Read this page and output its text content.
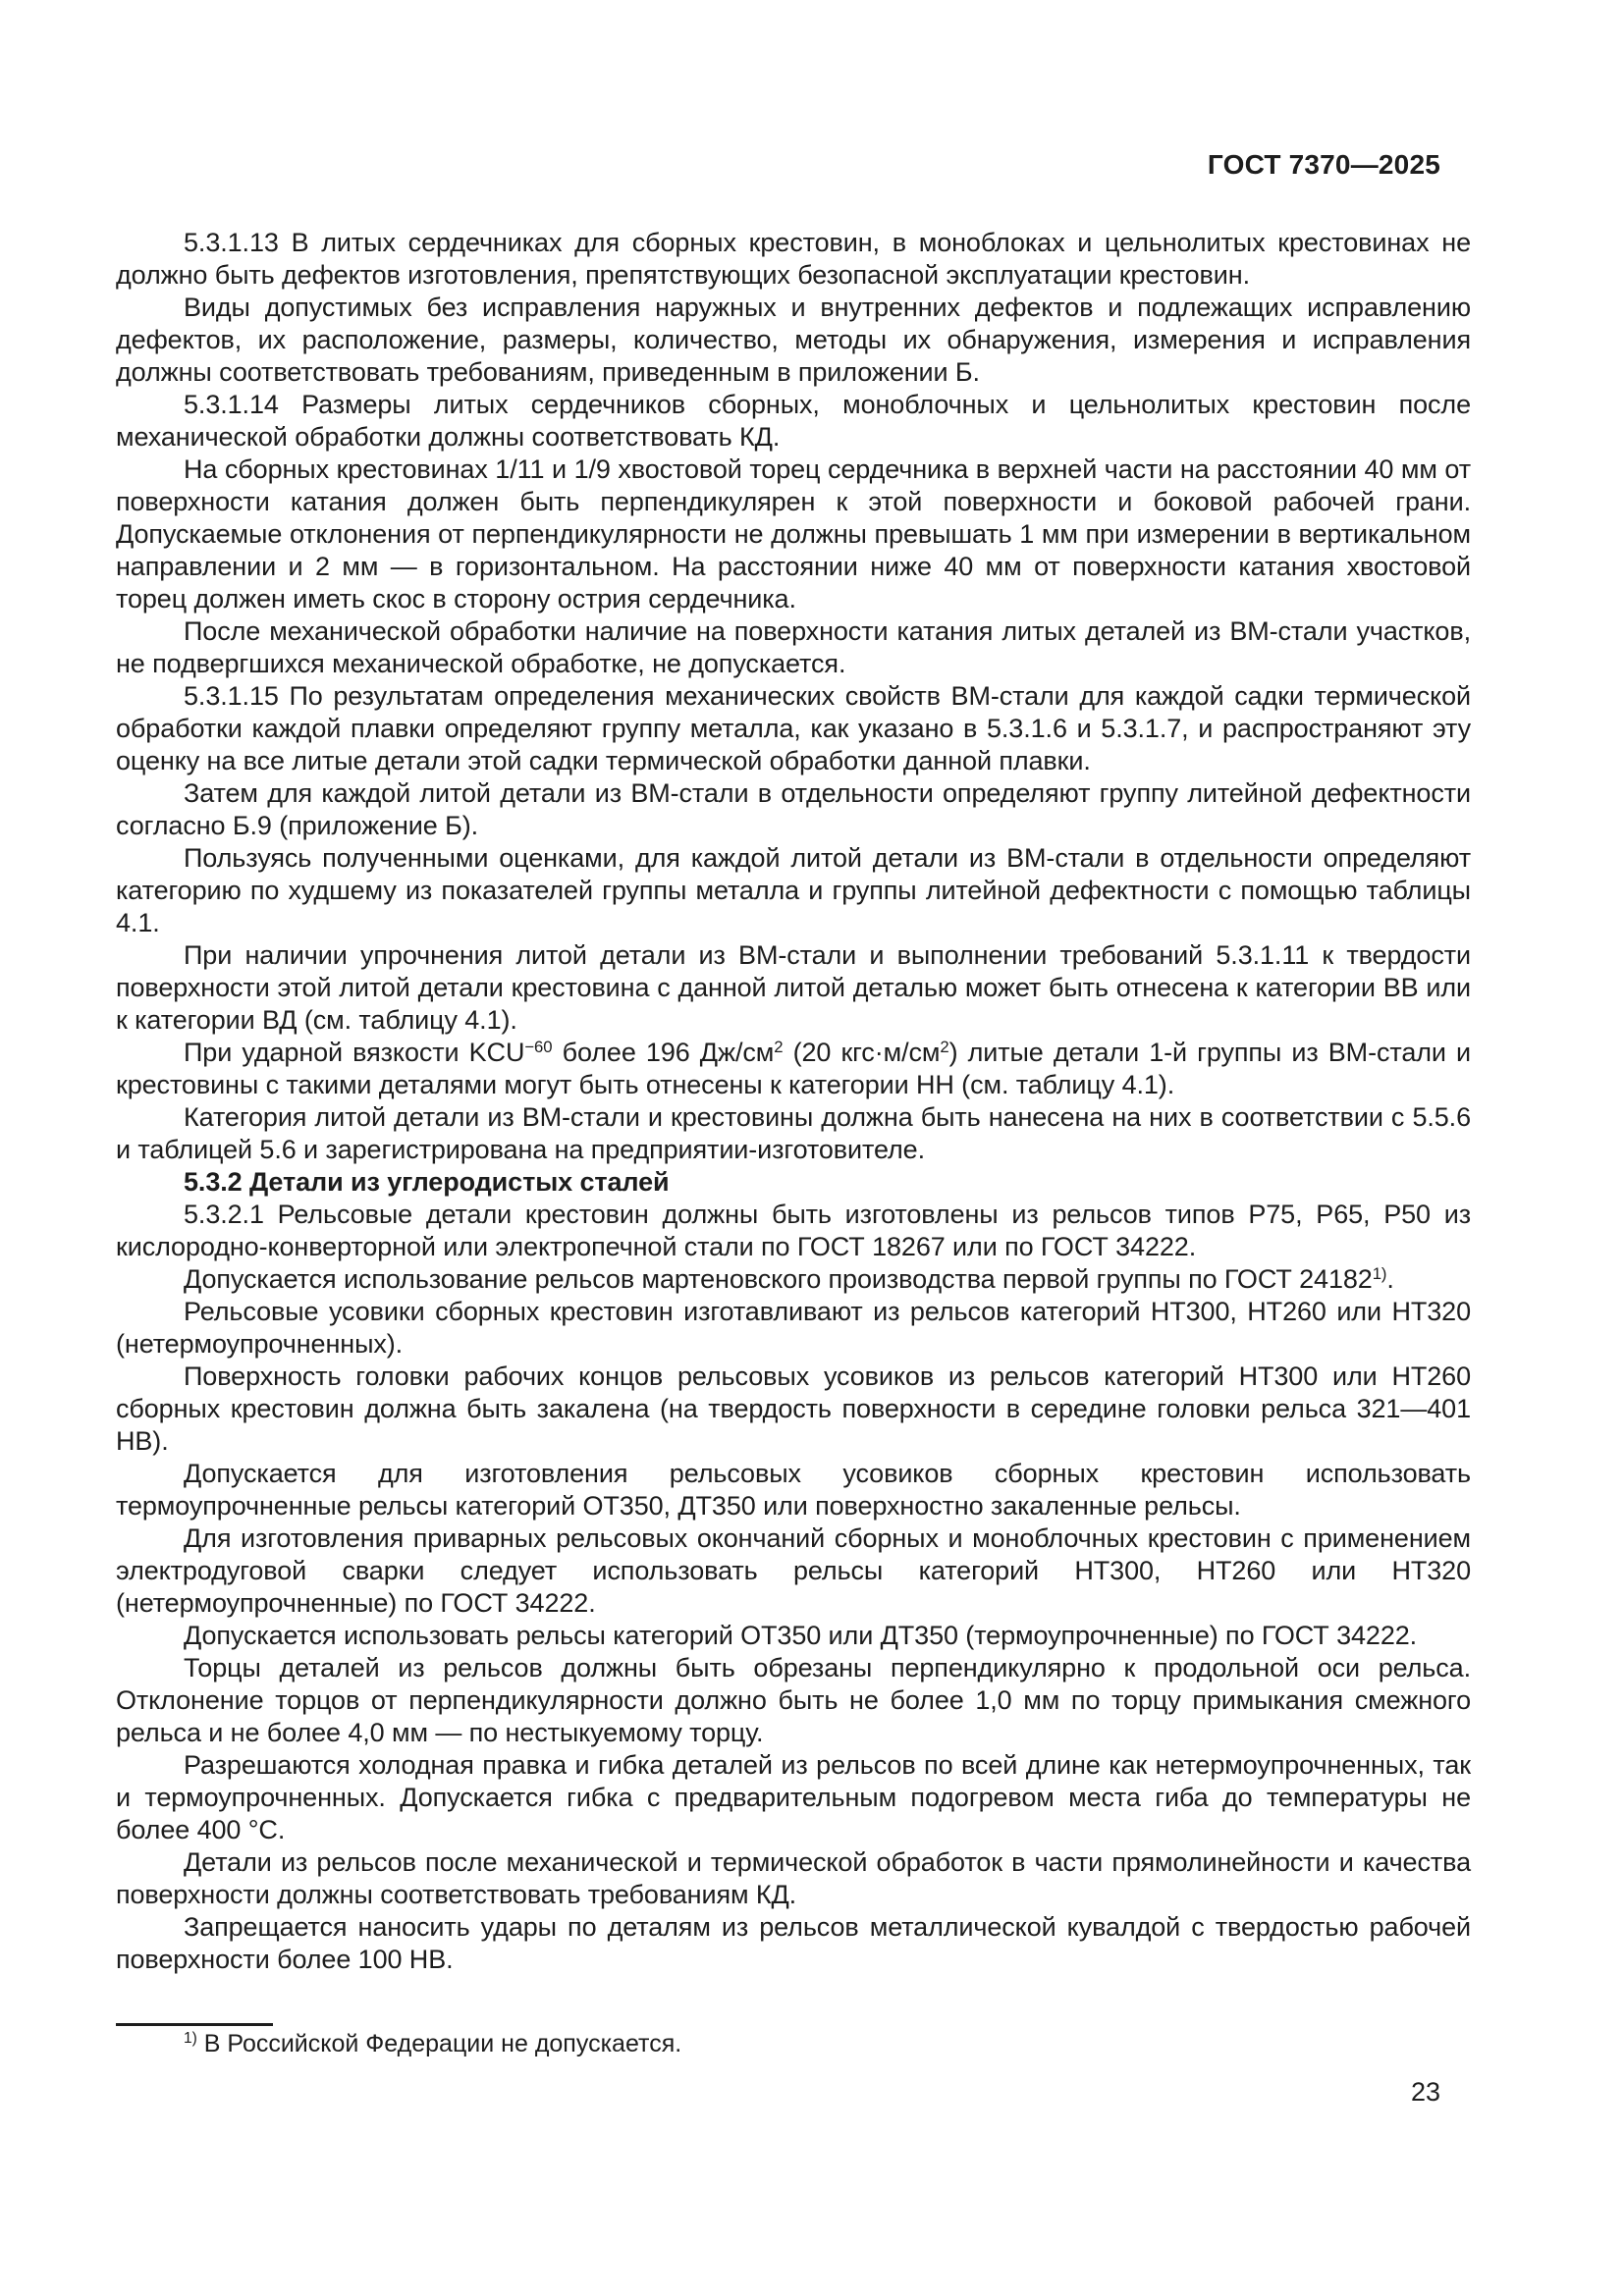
ГОСТ 7370—2025

5.3.1.13 В литых сердечниках для сборных крестовин, в моноблоках и цельнолитых крестовинах не должно быть дефектов изготовления, препятствующих безопасной эксплуатации крестовин.

Виды допустимых без исправления наружных и внутренних дефектов и подлежащих исправлению дефектов, их расположение, размеры, количество, методы их обнаружения, измерения и исправления должны соответствовать требованиям, приведенным в приложении Б.

5.3.1.14 Размеры литых сердечников сборных, моноблочных и цельнолитых крестовин после механической обработки должны соответствовать КД.

На сборных крестовинах 1/11 и 1/9 хвостовой торец сердечника в верхней части на расстоянии 40 мм от поверхности катания должен быть перпендикулярен к этой поверхности и боковой рабочей грани. Допускаемые отклонения от перпендикулярности не должны превышать 1 мм при измерении в вертикальном направлении и 2 мм — в горизонтальном. На расстоянии ниже 40 мм от поверхности катания хвостовой торец должен иметь скос в сторону острия сердечника.

После механической обработки наличие на поверхности катания литых деталей из ВМ-стали участков, не подвергшихся механической обработке, не допускается.

5.3.1.15 По результатам определения механических свойств ВМ-стали для каждой садки термической обработки каждой плавки определяют группу металла, как указано в 5.3.1.6 и 5.3.1.7, и распространяют эту оценку на все литые детали этой садки термической обработки данной плавки.

Затем для каждой литой детали из ВМ-стали в отдельности определяют группу литейной дефектности согласно Б.9 (приложение Б).

Пользуясь полученными оценками, для каждой литой детали из ВМ-стали в отдельности определяют категорию по худшему из показателей группы металла и группы литейной дефектности с помощью таблицы 4.1.

При наличии упрочнения литой детали из ВМ-стали и выполнении требований 5.3.1.11 к твердости поверхности этой литой детали крестовина с данной литой деталью может быть отнесена к категории ВВ или к категории ВД (см. таблицу 4.1).

При ударной вязкости $KCU^{-60}$ более 196 $Дж/см^2$ (20 $кгс\cdot м/см^2$) литые детали 1-й группы из ВМ-стали и крестовины с такими деталями могут быть отнесены к категории НН (см. таблицу 4.1).

Категория литой детали из ВМ-стали и крестовины должна быть нанесена на них в соответствии с 5.5.6 и таблицей 5.6 и зарегистрирована на предприятии-изготовителе.

5.3.2 Детали из углеродистых сталей

5.3.2.1 Рельсовые детали крестовин должны быть изготовлены из рельсов типов Р75, Р65, Р50 из кислородно-конверторной или электропечной стали по ГОСТ 18267 или по ГОСТ 34222.

Допускается использование рельсов мартеновского производства первой группы по ГОСТ 24182$^{1)}$.

Рельсовые усовики сборных крестовин изготавливают из рельсов категорий НТ300, НТ260 или НТ320 (нетермоупрочненных).

Поверхность головки рабочих концов рельсовых усовиков из рельсов категорий НТ300 или НТ260 сборных крестовин должна быть закалена (на твердость поверхности в середине головки рельса 321—401 НВ).

Допускается для изготовления рельсовых усовиков сборных крестовин использовать термоупрочненные рельсы категорий ОТ350, ДТ350 или поверхностно закаленные рельсы.

Для изготовления приварных рельсовых окончаний сборных и моноблочных крестовин с применением электродуговой сварки следует использовать рельсы категорий НТ300, НТ260 или НТ320 (нетермоупрочненные) по ГОСТ 34222.

Допускается использовать рельсы категорий ОТ350 или ДТ350 (термоупрочненные) по ГОСТ 34222.

Торцы деталей из рельсов должны быть обрезаны перпендикулярно к продольной оси рельса. Отклонение торцов от перпендикулярности должно быть не более 1,0 мм по торцу примыкания смежного рельса и не более 4,0 мм — по нестыкуемому торцу.

Разрешаются холодная правка и гибка деталей из рельсов по всей длине как нетермоупрочненных, так и термоупрочненных. Допускается гибка с предварительным подогревом места гиба до температуры не более 400 °С.

Детали из рельсов после механической и термической обработок в части прямолинейности и качества поверхности должны соответствовать требованиям КД.

Запрещается наносить удары по деталям из рельсов металлической кувалдой с твердостью рабочей поверхности более 100 НВ.

$^{1)}$ В Российской Федерации не допускается.
23
